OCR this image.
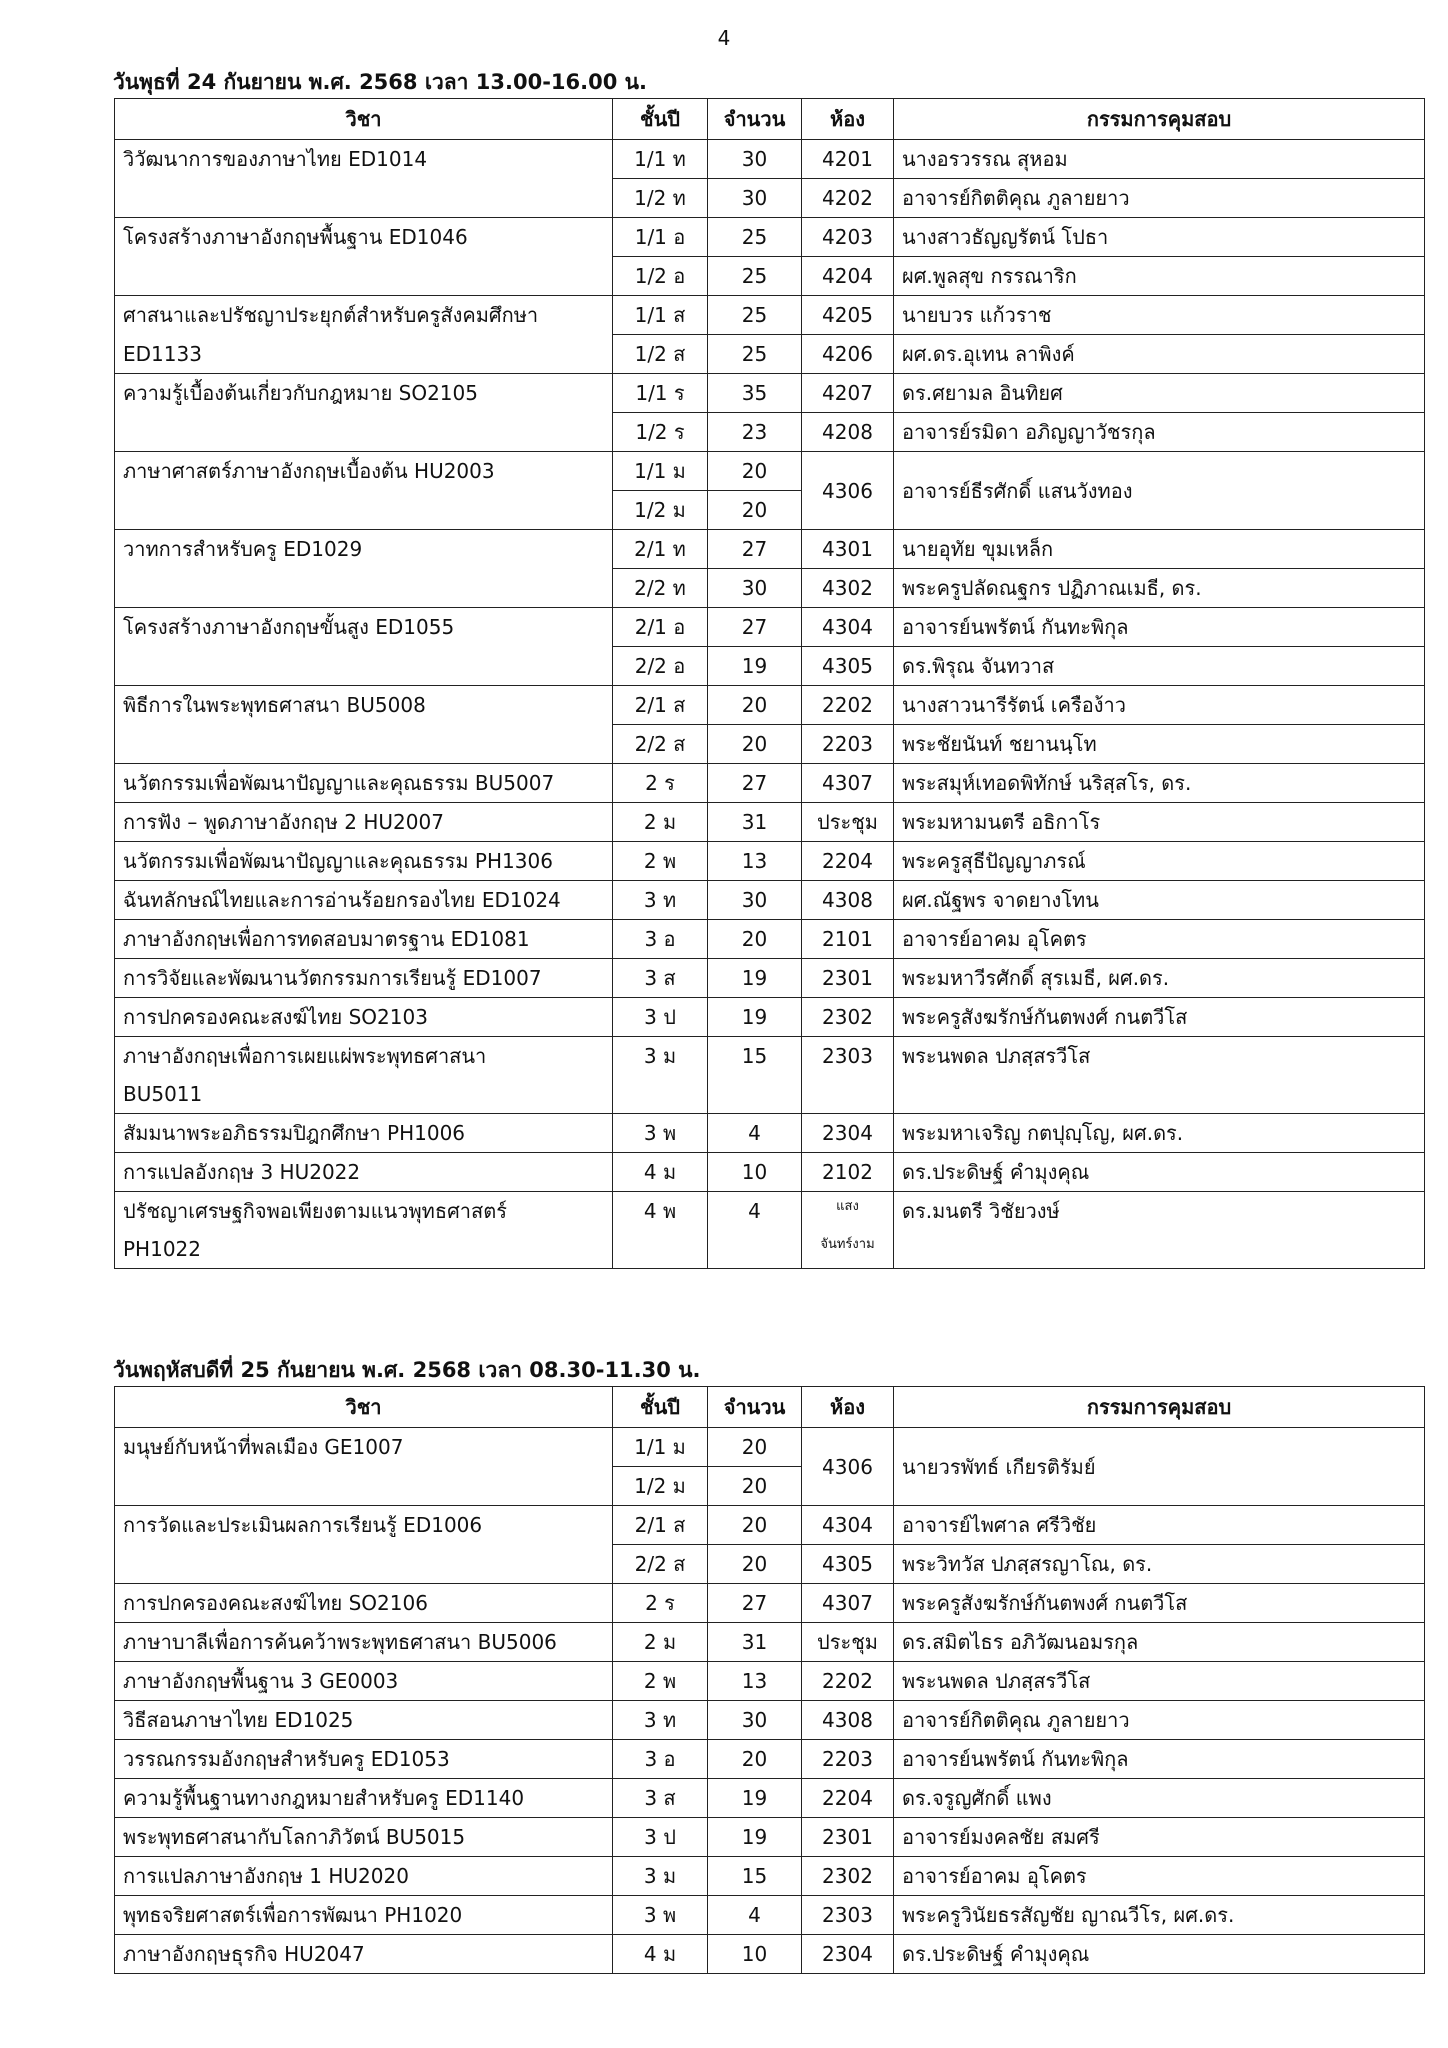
4
วันพุธที่ 24 กันยายน พ.ศ. 2568 เวลา 13.00-16.00 น.
วิชา	ชั้นปี	จำนวน	ห้อง	กรรมการคุมสอบ
วิวัฒนาการของภาษาไทย ED1014	1/1 ท	30	4201	นางอรวรรณ สุหอม
	1/2 ท	30	4202	อาจารย์กิตติคุณ ภูลายยาว
โครงสร้างภาษาอังกฤษพื้นฐาน ED1046	1/1 อ	25	4203	นางสาวธัญญรัตน์ โปธา
	1/2 อ	25	4204	ผศ.พูลสุข กรรณาริก
ศาสนาและปรัชญาประยุกต์สำหรับครูสังคมศึกษา	1/1 ส	25	4205	นายบวร แก้วราช
ED1133	1/2 ส	25	4206	ผศ.ดร.อุเทน ลาพิงค์
ความรู้เบื้องต้นเกี่ยวกับกฎหมาย SO2105	1/1 ร	35	4207	ดร.ศยามล อินทิยศ
	1/2 ร	23	4208	อาจารย์รมิดา อภิญญาวัชรกุล
ภาษาศาสตร์ภาษาอังกฤษเบื้องต้น HU2003	1/1 ม	20	4306	อาจารย์ธีรศักดิ์ แสนวังทอง
	1/2 ม	20		
วาทการสำหรับครู ED1029	2/1 ท	27	4301	นายอุทัย ขุมเหล็ก
	2/2 ท	30	4302	พระครูปลัดณฐกร ปฏิภาณเมธี, ดร.
โครงสร้างภาษาอังกฤษขั้นสูง ED1055	2/1 อ	27	4304	อาจารย์นพรัตน์ กันทะพิกุล
	2/2 อ	19	4305	ดร.พิรุณ จันทวาส
พิธีการในพระพุทธศาสนา BU5008	2/1 ส	20	2202	นางสาวนารีรัตน์ เครือง้าว
	2/2 ส	20	2203	พระชัยนันท์ ชยานนฺโท
นวัตกรรมเพื่อพัฒนาปัญญาและคุณธรรม BU5007	2 ร	27	4307	พระสมุห์เทอดพิทักษ์ นริสฺสโร, ดร.
การฟัง – พูดภาษาอังกฤษ 2 HU2007	2 ม	31	ประชุม	พระมหามนตรี อธิกาโร
นวัตกรรมเพื่อพัฒนาปัญญาและคุณธรรม PH1306	2 พ	13	2204	พระครูสุธีปัญญาภรณ์
ฉันทลักษณ์ไทยและการอ่านร้อยกรองไทย ED1024	3 ท	30	4308	ผศ.ณัฐพร จาดยางโทน
ภาษาอังกฤษเพื่อการทดสอบมาตรฐาน ED1081	3 อ	20	2101	อาจารย์อาคม อุโคตร
การวิจัยและพัฒนานวัตกรรมการเรียนรู้ ED1007	3 ส	19	2301	พระมหาวีรศักดิ์ สุรเมธี, ผศ.ดร.
การปกครองคณะสงฆ์ไทย SO2103	3 ป	19	2302	พระครูสังฆรักษ์กันตพงศ์ กนตวีโส
ภาษาอังกฤษเพื่อการเผยแผ่พระพุทธศาสนา	3 ม	15	2303	พระนพดล ปภสฺสรวีโส
BU5011				
สัมมนาพระอภิธรรมปิฎกศึกษา PH1006	3 พ	4	2304	พระมหาเจริญ กตปุญฺโญ, ผศ.ดร.
การแปลอังกฤษ 3 HU2022	4 ม	10	2102	ดร.ประดิษฐ์ คำมุงคุณ
ปรัชญาเศรษฐกิจพอเพียงตามแนวพุทธศาสตร์	4 พ	4	แสง	ดร.มนตรี วิชัยวงษ์
PH1022			จันทร์งาม	
วันพฤหัสบดีที่ 25 กันยายน พ.ศ. 2568 เวลา 08.30-11.30 น.
วิชา	ชั้นปี	จำนวน	ห้อง	กรรมการคุมสอบ
มนุษย์กับหน้าที่พลเมือง GE1007	1/1 ม	20	4306	นายวรพัทธ์ เกียรติรัมย์
	1/2 ม	20		
การวัดและประเมินผลการเรียนรู้ ED1006	2/1 ส	20	4304	อาจารย์ไพศาล ศรีวิชัย
	2/2 ส	20	4305	พระวิทวัส ปภสฺสรญาโณ, ดร.
การปกครองคณะสงฆ์ไทย SO2106	2 ร	27	4307	พระครูสังฆรักษ์กันตพงศ์ กนตวีโส
ภาษาบาลีเพื่อการค้นคว้าพระพุทธศาสนา BU5006	2 ม	31	ประชุม	ดร.สมิตไธร อภิวัฒนอมรกุล
ภาษาอังกฤษพื้นฐาน 3 GE0003	2 พ	13	2202	พระนพดล ปภสฺสรวีโส
วิธีสอนภาษาไทย ED1025	3 ท	30	4308	อาจารย์กิตติคุณ ภูลายยาว
วรรณกรรมอังกฤษสำหรับครู ED1053	3 อ	20	2203	อาจารย์นพรัตน์ กันทะพิกุล
ความรู้พื้นฐานทางกฎหมายสำหรับครู ED1140	3 ส	19	2204	ดร.จรูญศักดิ์ แพง
พระพุทธศาสนากับโลกาภิวัตน์ BU5015	3 ป	19	2301	อาจารย์มงคลชัย สมศรี
การแปลภาษาอังกฤษ 1 HU2020	3 ม	15	2302	อาจารย์อาคม อุโคตร
พุทธจริยศาสตร์เพื่อการพัฒนา PH1020	3 พ	4	2303	พระครูวินัยธรสัญชัย ญาณวีโร, ผศ.ดร.
ภาษาอังกฤษธุรกิจ HU2047	4 ม	10	2304	ดร.ประดิษฐ์ คำมุงคุณ
